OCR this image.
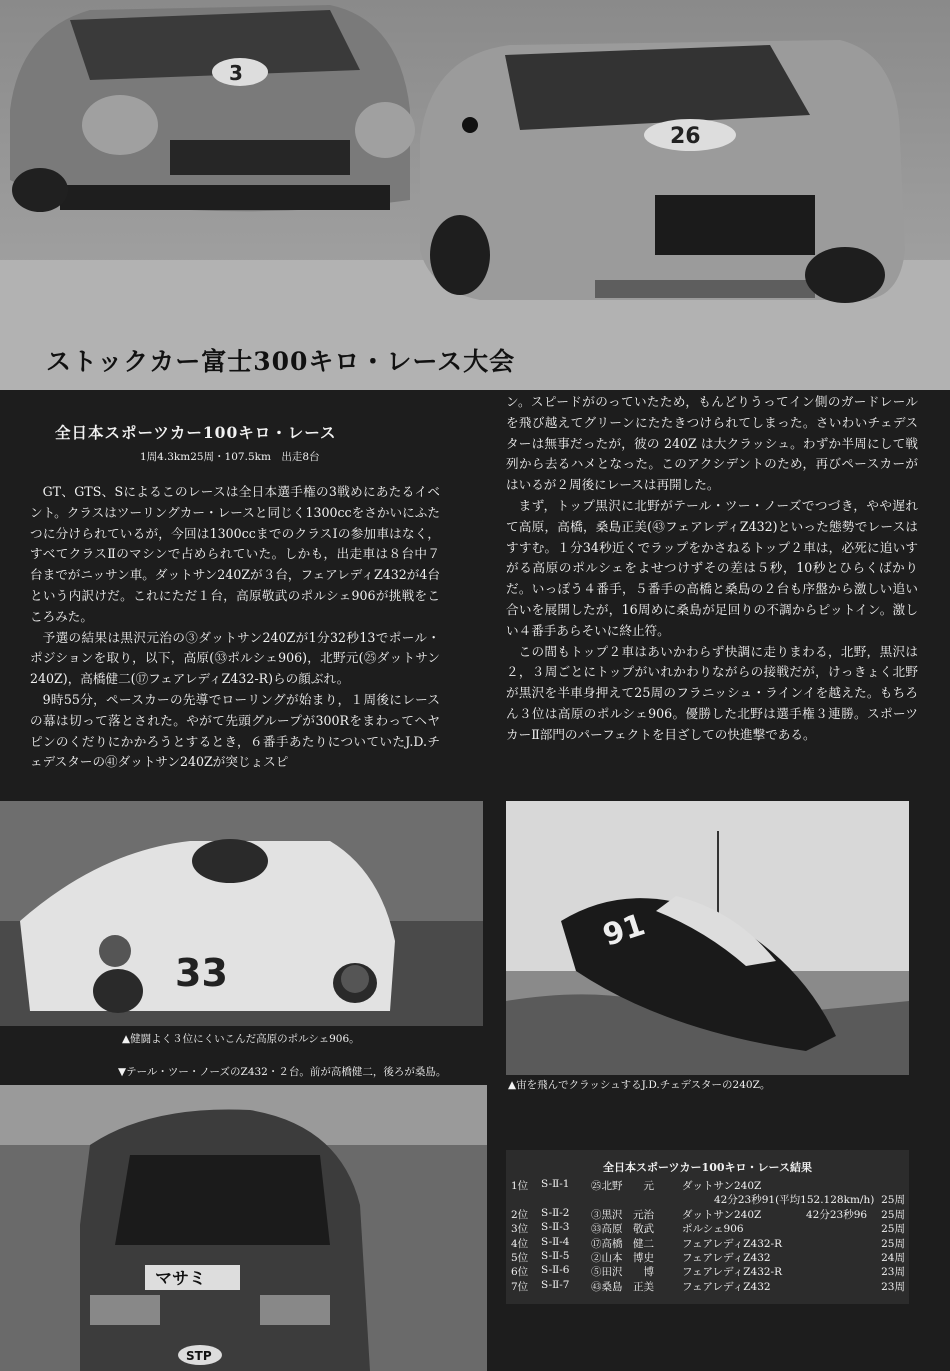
3
26
ストックカー富士300キロ・レース大会
全日本スポーツカー100キロ・レース
1周4.3km25周・107.5km　出走8台

GT、GTS、Sによるこのレースは全日本選手権の3戦めにあたるイベント。クラスはツーリングカー・レースと同じく1300ccをさかいにふたつに分けられているが，今回は1300ccまでのクラスⅠの参加車はなく，すべてクラスⅡのマシンで占められていた。しかも，出走車は８台中７台までがニッサン車。ダットサン240Zが３台，フェアレディZ432が4台という内訳けだ。これにただ１台，高原敬武のポルシェ906が挑戦をこころみた。

予選の結果は黒沢元治の③ダットサン240Zが1分32秒13でポール・ポジションを取り，以下，高原(㉝ポルシェ906)，北野元(㉕ダットサン240Z)，高橋健二(⑰フェアレディZ432-R)らの顔ぶれ。

9時55分，ペースカーの先導でローリングが始まり，１周後にレースの幕は切って落とされた。やがて先頭グループが300Rをまわってヘヤピンのくだりにかかろうとするとき，６番手あたりについていたJ.D.チェデスターの㊶ダットサン240Zが突じょスピ

ン。スピードがのっていたため，もんどりうってイン側のガードレールを飛び越えてグリーンにたたきつけられてしまった。さいわいチェデスターは無事だったが，彼の 240Z は大クラッシュ。わずか半周にして戦列から去るハメとなった。このアクシデントのため，再びペースカーがはいるが２周後にレースは再開した。

まず，トップ黒沢に北野がテール・ツー・ノーズでつづき，やや遅れて高原，高橋，桑島正美(㊸フェアレディZ432)といった態勢でレースはすすむ。１分34秒近くでラップをかさねるトップ２車は，必死に追いすがる高原のポルシェをよせつけずその差は５秒，10秒とひらくばかりだ。いっぽう４番手，５番手の高橋と桑島の２台も序盤から激しい追い合いを展開したが，16周めに桑島が足回りの不調からピットイン。激しい４番手あらそいに終止符。

この間もトップ２車はあいかわらず快調に走りまわる，北野，黒沢は２，３周ごとにトップがいれかわりながらの接戦だが，けっきょく北野が黒沢を半車身押えて25周のフラニッシュ・ラインイを越えた。もちろん３位は高原のポルシェ906。優勝した北野は選手権３連勝。スポーツカーⅡ部門のパーフェクトを目ざしての快進撃である。

33
▲健闘よく３位にくいこんだ高原のポルシェ906。
▼テール・ツー・ノーズのZ432・２台。前が高橋健二，後ろが桑島。
91
▲宙を飛んでクラッシュするJ.D.チェデスターの240Z。
マサミ
STP
全日本スポーツカー100キロ・レース結果
1位 S-Ⅱ-1 ㉕北野　　元	ダットサン240Z
42分23秒91(平均152.128km/h) 25周
2位 S-Ⅱ-2 ③黒沢　元治	ダットサン240Z	42分23秒96 25周
3位 S-Ⅱ-3 ㉝高原　敬武	ポルシェ906	25周
4位 S-Ⅱ-4 ⑰高橋　健二	フェアレディZ432-R	25周
5位 S-Ⅱ-5 ②山本　博史	フェアレディZ432	24周
6位 S-Ⅱ-6 ⑤田沢　　博	フェアレディZ432-R	23周
7位 S-Ⅱ-7 ㊸桑島　正美	フェアレディZ432	23周
